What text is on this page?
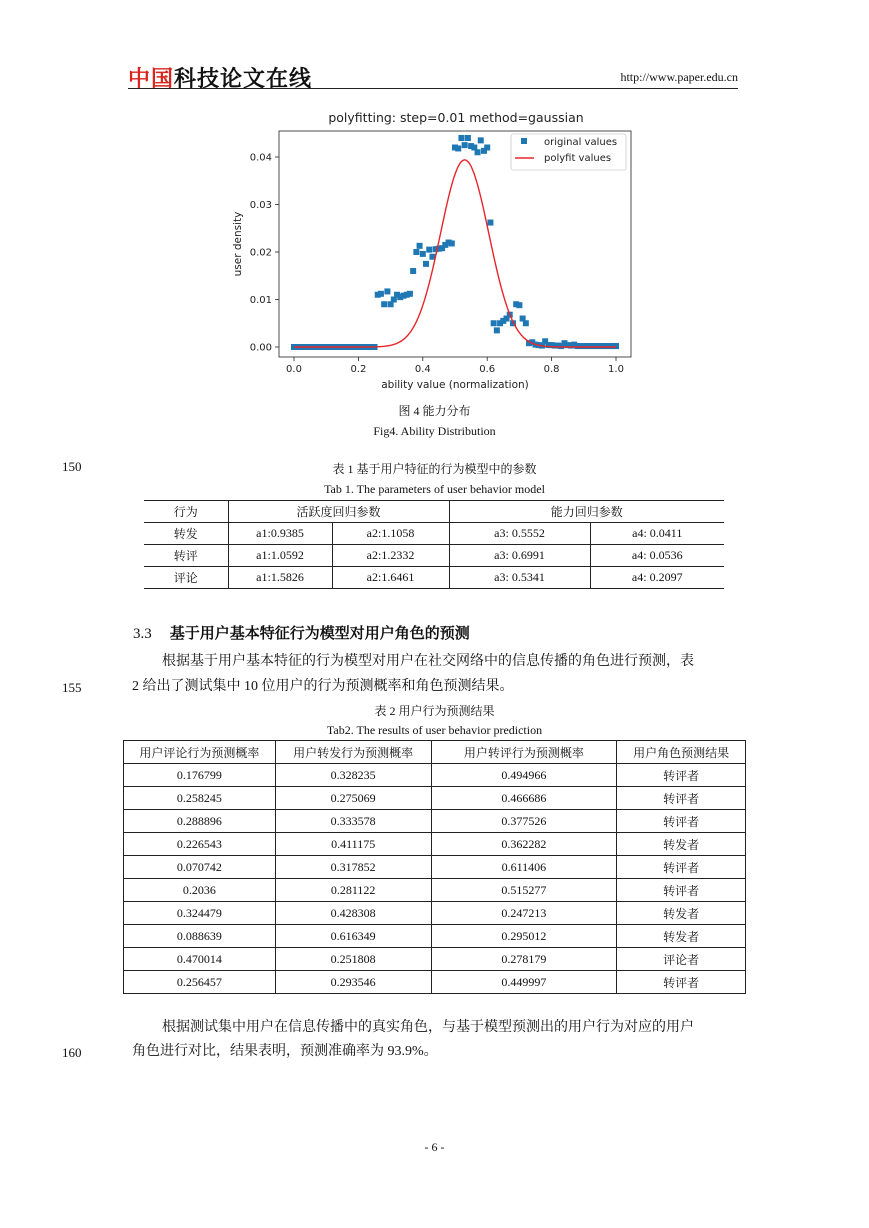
中国科技论文在线	http://www.paper.edu.cn
polyfitting: step=0.01 method=gaussian
0.0	0.2	0.4	0.6	0.8	1.0
0.00
0.01
0.02
0.03
0.04
ability value (normalization)
user density
original values
polyfit values
图 4 能力分布
Fig4. Ability Distribution
150	表 1 基于用户特征的行为模型中的参数
Tab 1. The parameters of user behavior model
行为	活跃度回归参数		能力回归参数	
转发	a1:0.9385	a2:1.1058	a3: 0.5552	a4: 0.0411
转评	a1:1.0592	a2:1.2332	a3: 0.6991	a4: 0.0536
评论	a1:1.5826	a2:1.6461	a3: 0.5341	a4: 0.2097
3.3 基于用户基本特征行为模型对用户角色的预测
根据基于用户基本特征的行为模型对用户在社交网络中的信息传播的角色进行预测，表
155	2 给出了测试集中 10 位用户的行为预测概率和角色预测结果。
表 2 用户行为预测结果
Tab2. The results of user behavior prediction
用户评论行为预测概率	用户转发行为预测概率	用户转评行为预测概率	用户角色预测结果
0.176799	0.328235	0.494966	转评者
0.258245	0.275069	0.466686	转评者
0.288896	0.333578	0.377526	转评者
0.226543	0.411175	0.362282	转发者
0.070742	0.317852	0.611406	转评者
0.2036	0.281122	0.515277	转评者
0.324479	0.428308	0.247213	转发者
0.088639	0.616349	0.295012	转发者
0.470014	0.251808	0.278179	评论者
0.256457	0.293546	0.449997	转评者
根据测试集中用户在信息传播中的真实角色，与基于模型预测出的用户行为对应的用户
160	角色进行对比，结果表明，预测准确率为 93.9%。
- 6 -
